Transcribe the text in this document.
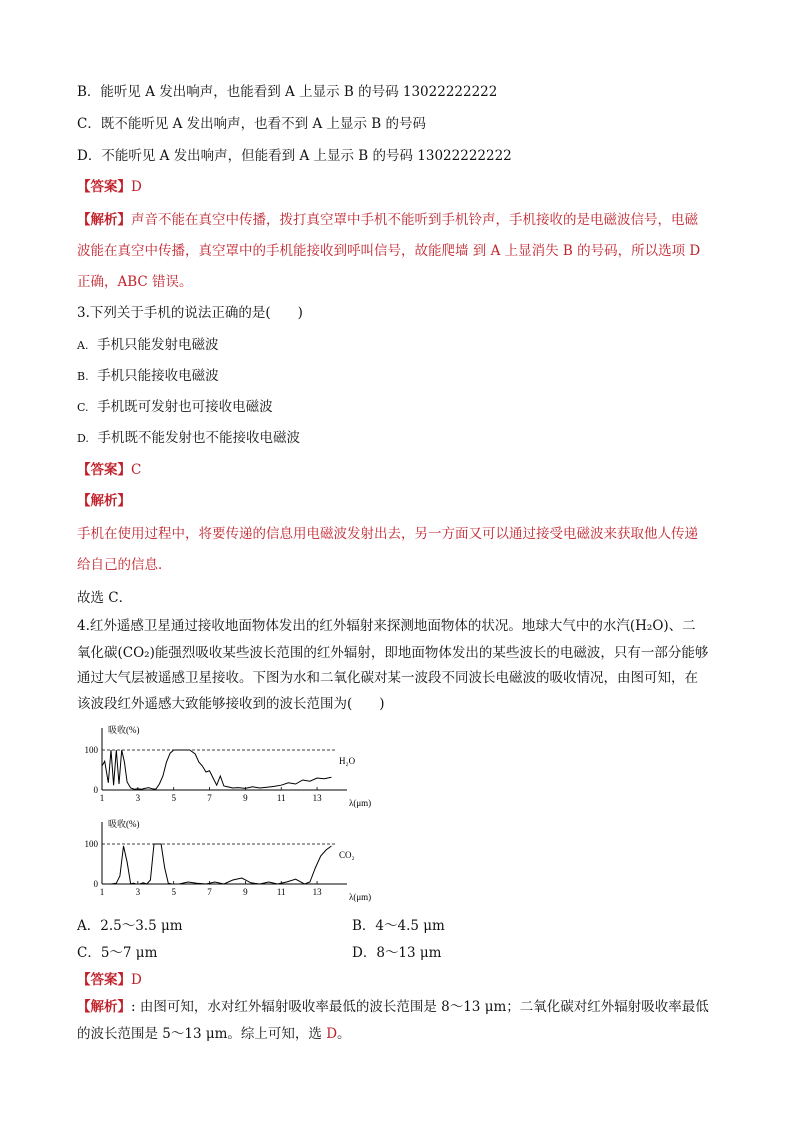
B．能听见 A 发出响声，也能看到 A 上显示 B 的号码 13022222222
C．既不能听见 A 发出响声，也看不到 A 上显示 B 的号码
D．不能听见 A 发出响声，但能看到 A 上显示 B 的号码 13022222222
【答案】D
【解析】声音不能在真空中传播，拨打真空罩中手机不能听到手机铃声，手机接收的是电磁波信号，电磁
波能在真空中传播，真空罩中的手机能接收到呼叫信号，故能爬墙 到 A 上显消失 B 的号码，所以选项 D
正确，ABC 错误。
3.下列关于手机的说法正确的是(　　)
A. 手机只能发射电磁波
B. 手机只能接收电磁波
C. 手机既可发射也可接收电磁波
D. 手机既不能发射也不能接收电磁波
【答案】C
【解析】
手机在使用过程中，将要传递的信息用电磁波发射出去，另一方面又可以通过接受电磁波来获取他人传递
给自己的信息．
故选 C．
4.红外遥感卫星通过接收地面物体发出的红外辐射来探测地面物体的状况。地球大气中的水汽(H₂O)、二
氧化碳(CO₂)能强烈吸收某些波长范围的红外辐射，即地面物体发出的某些波长的电磁波，只有一部分能够
通过大气层被遥感卫星接收。下图为水和二氧化碳对某一波段不同波长电磁波的吸收情况，由图可知，在
该波段红外遥感大致能够接收到的波长范围为(　　)
吸收(%)
0
100
1	3	5	7	9	11	13	λ(μm)
H₂O
吸收(%)
0
100
1	3	5	7	9	11	13	λ(μm)
CO₂
A．2.5～3.5 μm	B．4～4.5 μm
C．5～7 μm	D．8～13 μm
【答案】D
【解析】: 由图可知，水对红外辐射吸收率最低的波长范围是 8～13 μm；二氧化碳对红外辐射吸收率最低
的波长范围是 5～13 μm。综上可知，选 D。
